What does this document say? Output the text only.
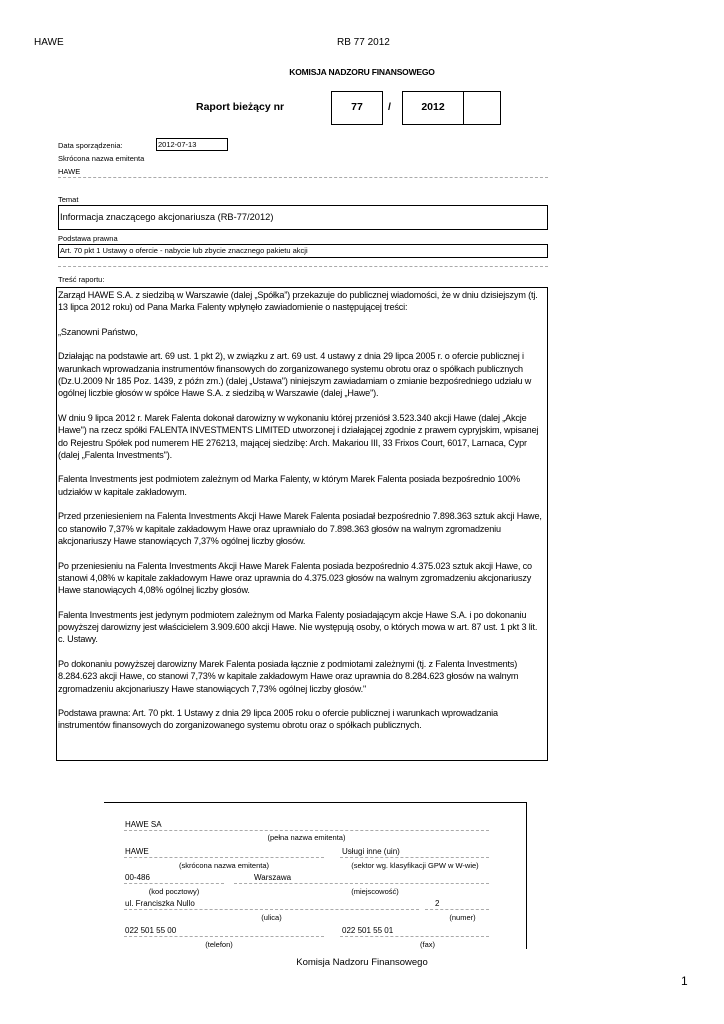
HAWE	RB 77 2012
KOMISJA NADZORU FINANSOWEGO
Raport bieżący nr	77	/	2012
Data sporządzenia:	2012-07-13
Skrócona nazwa emitenta
HAWE
Temat
Informacja znaczącego akcjonariusza (RB-77/2012)
Podstawa prawna
Art. 70 pkt 1 Ustawy o ofercie - nabycie lub zbycie znacznego pakietu akcji
Treść raportu:

Zarząd HAWE S.A. z siedzibą w Warszawie (dalej „Spółka”) przekazuje do publicznej wiadomości, że w dniu dzisiejszym (tj. 13 lipca 2012 roku) od Pana Marka Falenty wpłynęło zawiadomienie o następującej treści:

„Szanowni Państwo,

Działając na podstawie art. 69 ust. 1 pkt 2), w związku z art. 69 ust. 4 ustawy z dnia 29 lipca 2005 r. o ofercie publicznej i warunkach wprowadzania instrumentów finansowych do zorganizowanego systemu obrotu oraz o spółkach publicznych (Dz.U.2009 Nr 185 Poz. 1439, z późn zm.) (dalej „Ustawa") niniejszym zawiadamiam o zmianie bezpośredniego udziału w ogólnej liczbie głosów w spółce Hawe S.A. z siedzibą w Warszawie (dalej „Hawe").

W dniu 9 lipca 2012 r. Marek Falenta dokonał darowizny w wykonaniu której przeniósł 3.523.340 akcji Hawe (dalej „Akcje Hawe") na rzecz spółki FALENTA INVESTMENTS LIMITED utworzonej i działającej zgodnie z prawem cypryjskim, wpisanej do Rejestru Spółek pod numerem HE 276213, mającej siedzibę: Arch. Makariou III, 33 Frixos Court, 6017, Larnaca, Cypr (dalej „Falenta Investments").

Falenta Investments jest podmiotem zależnym od Marka Falenty, w którym Marek Falenta posiada bezpośrednio 100% udziałów w kapitale zakładowym.

Przed przeniesieniem na Falenta Investments Akcji Hawe Marek Falenta posiadał bezpośrednio 7.898.363 sztuk akcji Hawe, co stanowiło 7,37% w kapitale zakładowym Hawe oraz uprawniało do 7.898.363 głosów na walnym zgromadzeniu akcjonariuszy Hawe stanowiących 7,37% ogólnej liczby głosów.

Po przeniesieniu na Falenta Investments Akcji Hawe Marek Falenta posiada bezpośrednio 4.375.023 sztuk akcji Hawe, co stanowi 4,08% w kapitale zakładowym Hawe oraz uprawnia do 4.375.023 głosów na walnym zgromadzeniu akcjonariuszy Hawe stanowiących 4,08% ogólnej liczby głosów.

Falenta Investments jest jedynym podmiotem zależnym od Marka Falenty posiadającym akcje Hawe S.A. i po dokonaniu powyższej darowizny jest właścicielem 3.909.600 akcji Hawe. Nie występują osoby, o których mowa w art. 87 ust. 1 pkt 3 lit. c. Ustawy.

Po dokonaniu powyższej darowizny Marek Falenta posiada łącznie z podmiotami zależnymi (tj. z Falenta Investments) 8.284.623 akcji Hawe, co stanowi 7,73% w kapitale zakładowym Hawe oraz uprawnia do 8.284.623 głosów na walnym zgromadzeniu akcjonariuszy Hawe stanowiących 7,73% ogólnej liczby głosów."

Podstawa prawna: Art. 70 pkt. 1 Ustawy z dnia 29 lipca 2005 roku o ofercie publicznej i warunkach wprowadzania instrumentów finansowych do zorganizowanego systemu obrotu oraz o spółkach publicznych.

HAWE SA
(pełna nazwa emitenta)
HAWE	Usługi inne (uin)
(skrócona nazwa emitenta)	(sektor wg. klasyfikacji GPW w W-wie)
00-486	Warszawa
(kod pocztowy)	(miejscowość)
ul. Franciszka Nullo	2
(ulica)	(numer)
022 501 55 00	022 501 55 01
(telefon)	(fax)
Komisja Nadzoru Finansowego
1
